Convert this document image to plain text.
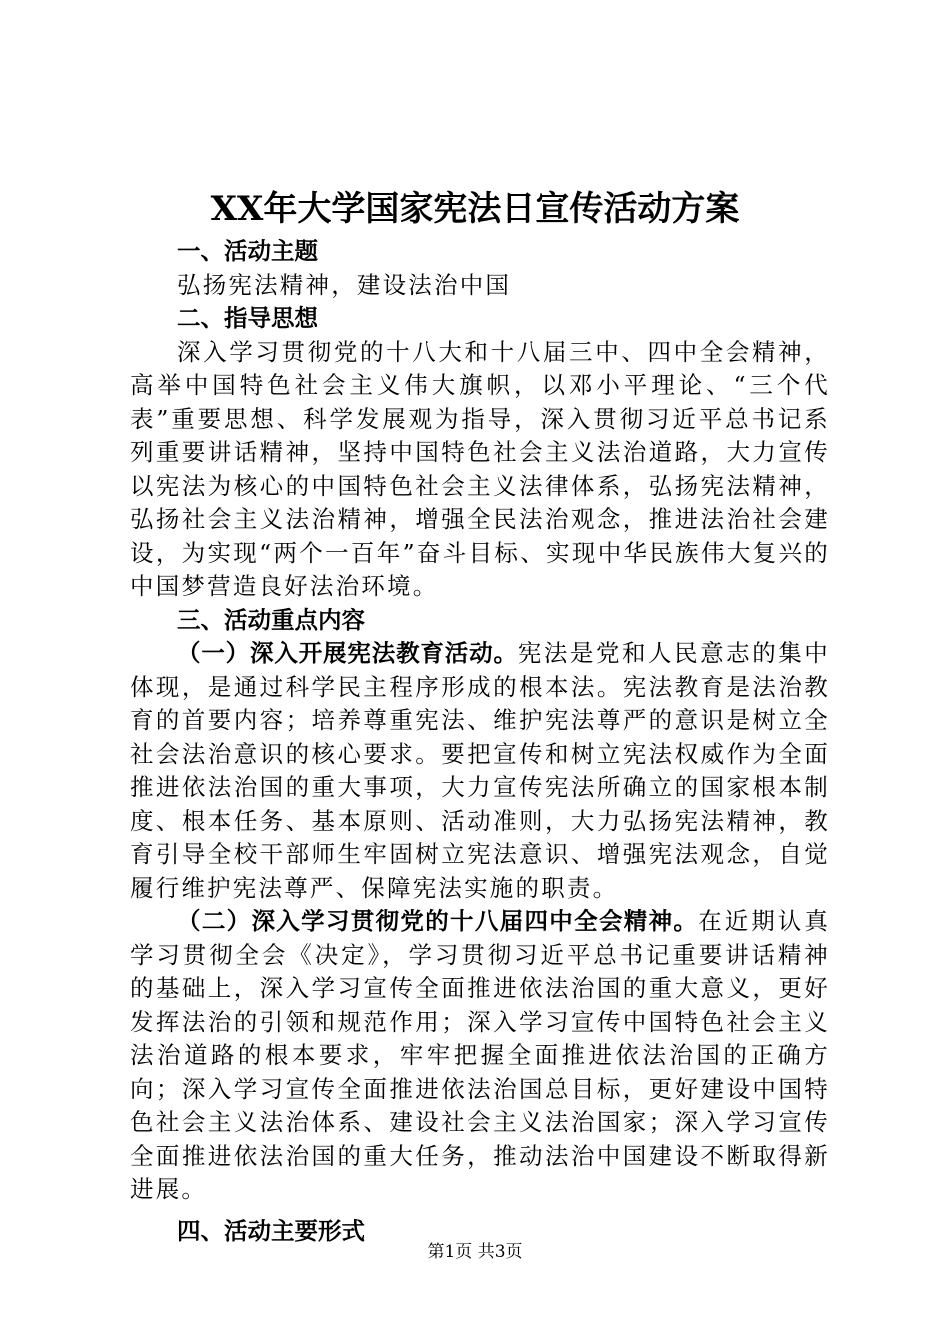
XX年大学国家宪法日宣传活动方案

一、活动主题

弘扬宪法精神，建设法治中国

二、指导思想

深入学习贯彻党的十八大和十八届三中、四中全会精神，高举中国特色社会主义伟大旗帜，以邓小平理论、“三个代表”重要思想、科学发展观为指导，深入贯彻习近平总书记系列重要讲话精神，坚持中国特色社会主义法治道路，大力宣传以宪法为核心的中国特色社会主义法律体系，弘扬宪法精神，弘扬社会主义法治精神，增强全民法治观念，推进法治社会建设，为实现“两个一百年”奋斗目标、实现中华民族伟大复兴的中国梦营造良好法治环境。

三、活动重点内容

（一）深入开展宪法教育活动。宪法是党和人民意志的集中体现，是通过科学民主程序形成的根本法。宪法教育是法治教育的首要内容；培养尊重宪法、维护宪法尊严的意识是树立全社会法治意识的核心要求。要把宣传和树立宪法权威作为全面推进依法治国的重大事项，大力宣传宪法所确立的国家根本制度、根本任务、基本原则、活动准则，大力弘扬宪法精神，教育引导全校干部师生牢固树立宪法意识、增强宪法观念，自觉履行维护宪法尊严、保障宪法实施的职责。

（二）深入学习贯彻党的十八届四中全会精神。在近期认真学习贯彻全会《决定》，学习贯彻习近平总书记重要讲话精神的基础上，深入学习宣传全面推进依法治国的重大意义，更好发挥法治的引领和规范作用；深入学习宣传中国特色社会主义法治道路的根本要求，牢牢把握全面推进依法治国的正确方向；深入学习宣传全面推进依法治国总目标，更好建设中国特色社会主义法治体系、建设社会主义法治国家；深入学习宣传全面推进依法治国的重大任务，推动法治中国建设不断取得新进展。

四、活动主要形式

第1页 共3页
